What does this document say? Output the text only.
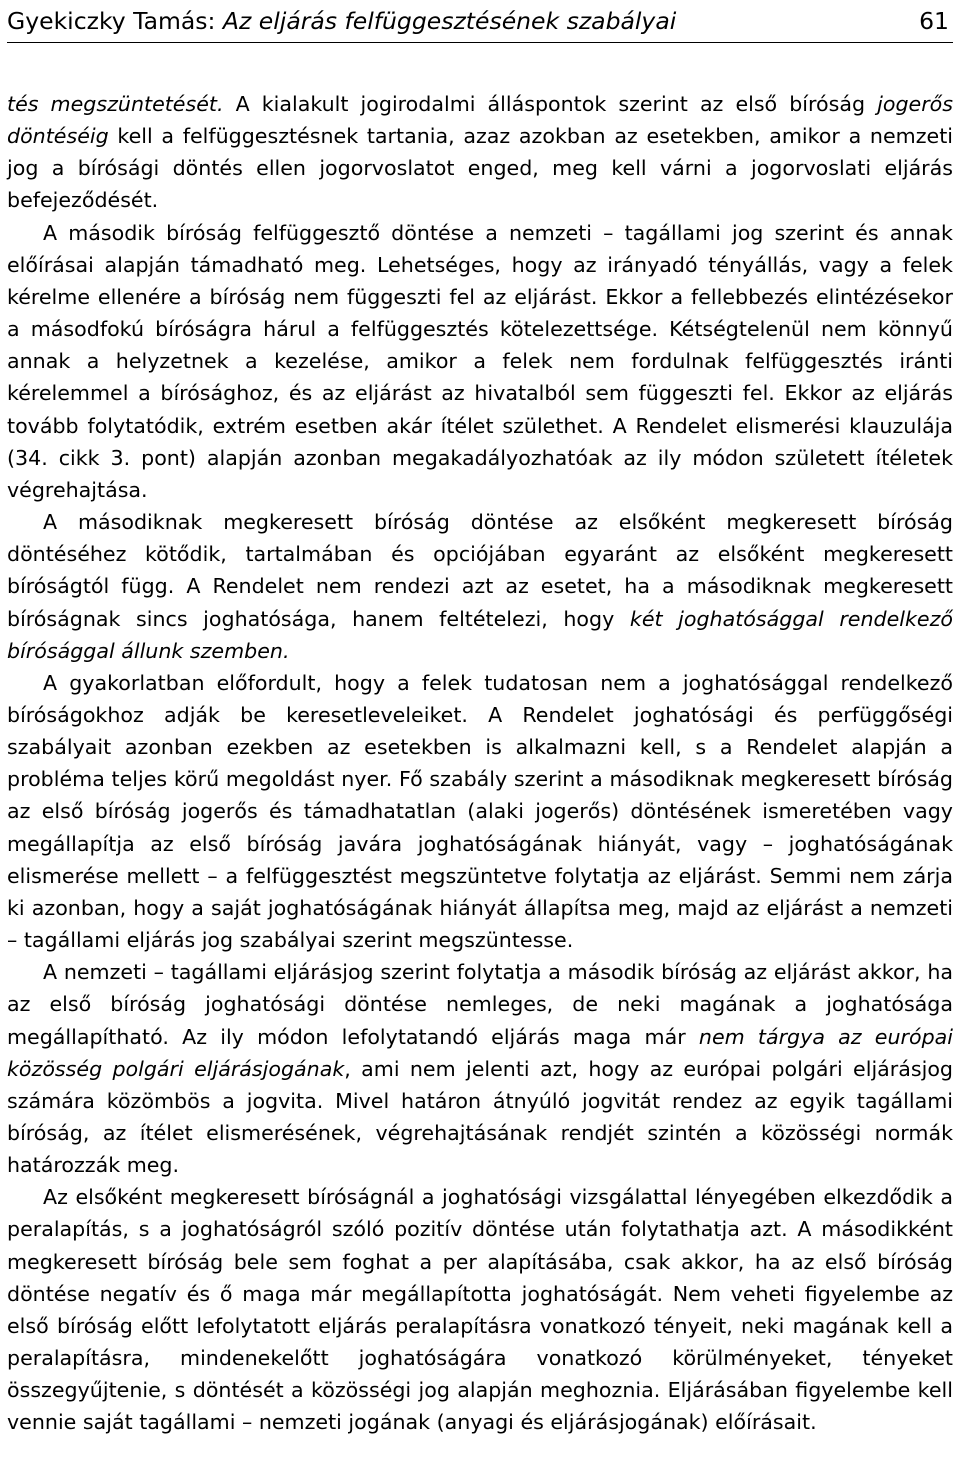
Gyekiczky Tamás: Az eljárás felfüggesztésének szabályai	61

tés megszüntetését. A kialakult jogirodalmi álláspontok szerint az első bíróság jogerős döntéséig kell a felfüggesztésnek tartania, azaz azokban az esetekben, amikor a nemzeti jog a bírósági döntés ellen jogorvoslatot enged, meg kell várni a jogorvoslati eljárás befejeződését.

A második bíróság felfüggesztő döntése a nemzeti – tagállami jog szerint és annak előírásai alapján támadható meg. Lehetséges, hogy az irányadó tényállás, vagy a felek kérelme ellenére a bíróság nem függeszti fel az eljárást. Ekkor a fellebbezés elintézésekor a másodfokú bíróságra hárul a felfüggesztés kötelezettsége. Kétségtelenül nem könnyű annak a helyzetnek a kezelése, amikor a felek nem fordulnak felfüggesztés iránti kérelemmel a bírósághoz, és az eljárást az hivatalból sem függeszti fel. Ekkor az eljárás tovább folytatódik, extrém esetben akár ítélet születhet. A Rendelet elismerési klauzulája (34. cikk 3. pont) alapján azonban megakadályozhatóak az ily módon született ítéletek végrehajtása.

A másodiknak megkeresett bíróság döntése az elsőként megkeresett bíróság döntéséhez kötődik, tartalmában és opciójában egyaránt az elsőként megkeresett bíróságtól függ. A Rendelet nem rendezi azt az esetet, ha a másodiknak megkeresett bíróságnak sincs joghatósága, hanem feltételezi, hogy két joghatósággal rendelkező bírósággal állunk szemben.

A gyakorlatban előfordult, hogy a felek tudatosan nem a joghatósággal rendelkező bíróságokhoz adják be keresetleveleiket. A Rendelet joghatósági és perfüggőségi szabályait azonban ezekben az esetekben is alkalmazni kell, s a Rendelet alapján a probléma teljes körű megoldást nyer. Fő szabály szerint a másodiknak megkeresett bíróság az első bíróság jogerős és támadhatatlan (alaki jogerős) döntésének ismeretében vagy megállapítja az első bíróság javára joghatóságának hiányát, vagy – joghatóságának elismerése mellett – a felfüggesztést megszüntetve folytatja az eljárást. Semmi nem zárja ki azonban, hogy a saját joghatóságának hiányát állapítsa meg, majd az eljárást a nemzeti – tagállami eljárás jog szabályai szerint megszüntesse.

A nemzeti – tagállami eljárásjog szerint folytatja a második bíróság az eljárást akkor, ha az első bíróság joghatósági döntése nemleges, de neki magának a joghatósága megállapítható. Az ily módon lefolytatandó eljárás maga már nem tárgya az európai közösség polgári eljárásjogának, ami nem jelenti azt, hogy az európai polgári eljárásjog számára közömbös a jogvita. Mivel határon átnyúló jogvitát rendez az egyik tagállami bíróság, az ítélet elismerésének, végrehajtásának rendjét szintén a közösségi normák határozzák meg.

Az elsőként megkeresett bíróságnál a joghatósági vizsgálattal lényegében elkezdődik a peralapítás, s a joghatóságról szóló pozitív döntése után folytathatja azt. A másodikként megkeresett bíróság bele sem foghat a per alapításába, csak akkor, ha az első bíróság döntése negatív és ő maga már megállapította joghatóságát. Nem veheti figyelembe az első bíróság előtt lefolytatott eljárás peralapításra vonatkozó tényeit, neki magának kell a peralapításra, mindenekelőtt joghatóságára vonatkozó körülményeket, tényeket összegyűjtenie, s döntését a közösségi jog alapján meghoznia. Eljárásában figyelembe kell vennie saját tagállami – nemzeti jogának (anyagi és eljárásjogának) előírásait.
